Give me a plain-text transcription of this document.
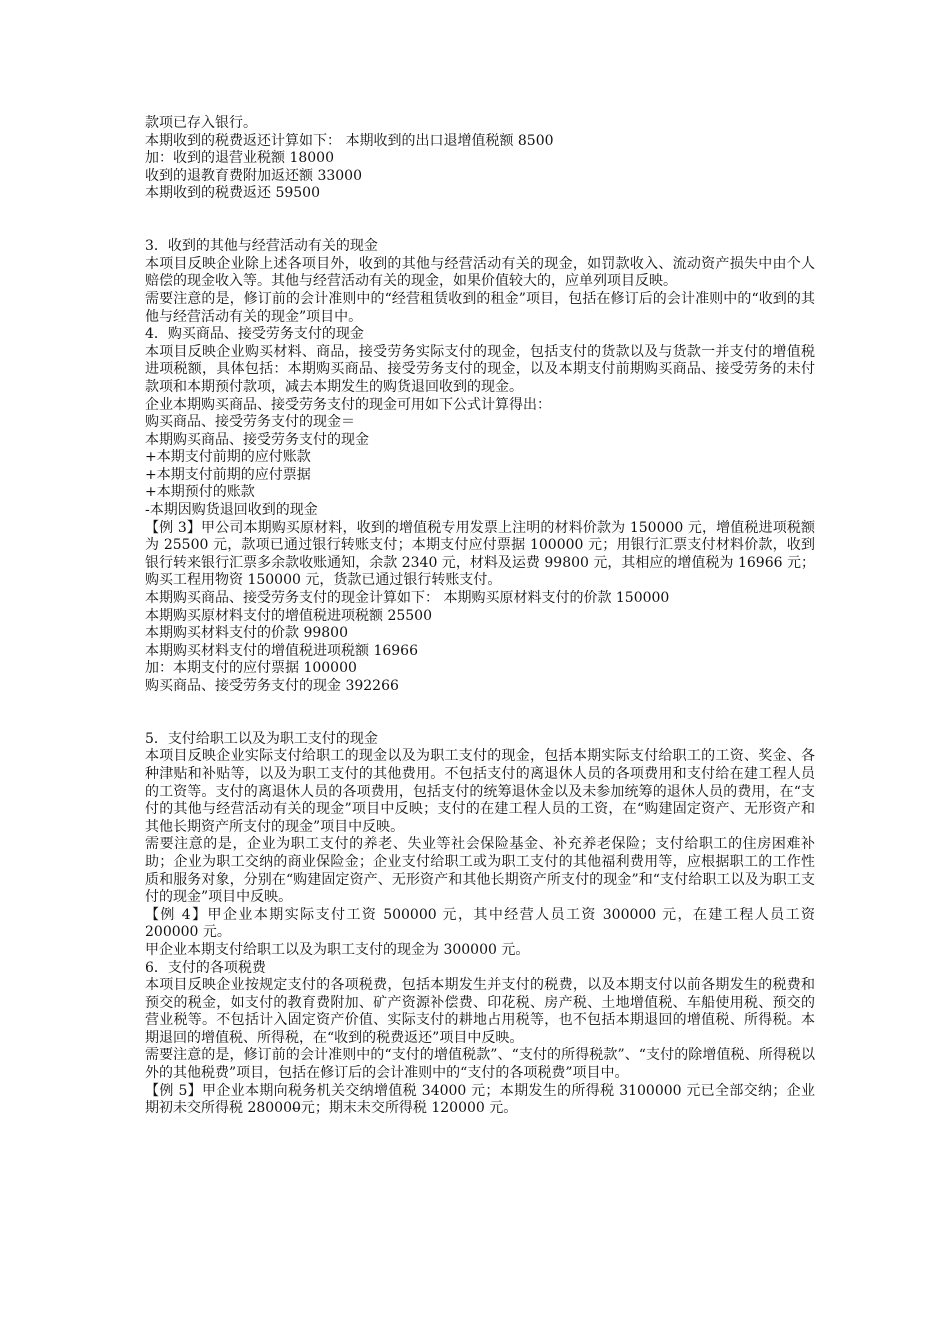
款项已存入银行。
本期收到的税费返还计算如下： 本期收到的出口退增值税额 8500
加：收到的退营业税额 18000
收到的退教育费附加返还额 33000
本期收到的税费返还 59500
3．收到的其他与经营活动有关的现金
本项目反映企业除上述各项目外，收到的其他与经营活动有关的现金，如罚款收入、流动资产损失中由个人赔偿的现金收入等。其他与经营活动有关的现金，如果价值较大的，应单列项目反映。
需要注意的是，修订前的会计准则中的“经营租赁收到的租金”项目，包括在修订后的会计准则中的“收到的其他与经营活动有关的现金”项目中。
4．购买商品、接受劳务支付的现金
本项目反映企业购买材料、商品，接受劳务实际支付的现金，包括支付的货款以及与货款一并支付的增值税进项税额，具体包括：本期购买商品、接受劳务支付的现金，以及本期支付前期购买商品、接受劳务的未付款项和本期预付款项，减去本期发生的购货退回收到的现金。
企业本期购买商品、接受劳务支付的现金可用如下公式计算得出：
购买商品、接受劳务支付的现金＝
本期购买商品、接受劳务支付的现金
+本期支付前期的应付账款
+本期支付前期的应付票据
+本期预付的账款
-本期因购货退回收到的现金
【例 3】甲公司本期购买原材料，收到的增值税专用发票上注明的材料价款为 150000 元，增值税进项税额为 25500 元，款项已通过银行转账支付；本期支付应付票据 100000 元；用银行汇票支付材料价款，收到银行转来银行汇票多余款收账通知，余款 2340 元，材料及运费 99800 元，其相应的增值税为 16966 元；购买工程用物资 150000 元，货款已通过银行转账支付。
本期购买商品、接受劳务支付的现金计算如下： 本期购买原材料支付的价款 150000
本期购买原材料支付的增值税进项税额 25500
本期购买材料支付的价款 99800
本期购买材料支付的增值税进项税额 16966
加：本期支付的应付票据 100000
购买商品、接受劳务支付的现金 392266
5．支付给职工以及为职工支付的现金
本项目反映企业实际支付给职工的现金以及为职工支付的现金，包括本期实际支付给职工的工资、奖金、各种津贴和补贴等，以及为职工支付的其他费用。不包括支付的离退休人员的各项费用和支付给在建工程人员的工资等。支付的离退休人员的各项费用，包括支付的统筹退休金以及未参加统筹的退休人员的费用，在“支付的其他与经营活动有关的现金”项目中反映；支付的在建工程人员的工资，在“购建固定资产、无形资产和其他长期资产所支付的现金”项目中反映。
需要注意的是，企业为职工支付的养老、失业等社会保险基金、补充养老保险；支付给职工的住房困难补助；企业为职工交纳的商业保险金；企业支付给职工或为职工支付的其他福利费用等，应根据职工的工作性质和服务对象，分别在“购建固定资产、无形资产和其他长期资产所支付的现金”和“支付给职工以及为职工支付的现金”项目中反映。
【例 4】甲企业本期实际支付工资 500000 元，其中经营人员工资 300000 元，在建工程人员工资 200000 元。
甲企业本期支付给职工以及为职工支付的现金为 300000 元。
6．支付的各项税费
本项目反映企业按规定支付的各项税费，包括本期发生并支付的税费，以及本期支付以前各期发生的税费和预交的税金，如支付的教育费附加、矿产资源补偿费、印花税、房产税、土地增值税、车船使用税、预交的营业税等。不包括计入固定资产价值、实际支付的耕地占用税等，也不包括本期退回的增值税、所得税。本期退回的增值税、所得税，在“收到的税费返还”项目中反映。
需要注意的是，修订前的会计准则中的“支付的增值税款”、“支付的所得税款”、“支付的除增值税、所得税以外的其他税费”项目，包括在修订后的会计准则中的“支付的各项税费”项目中。
【例 5】甲企业本期向税务机关交纳增值税 34000 元；本期发生的所得税 3100000 元已全部交纳；企业期初未交所得税 280000̶元；期末未交所得税 120000 元。
